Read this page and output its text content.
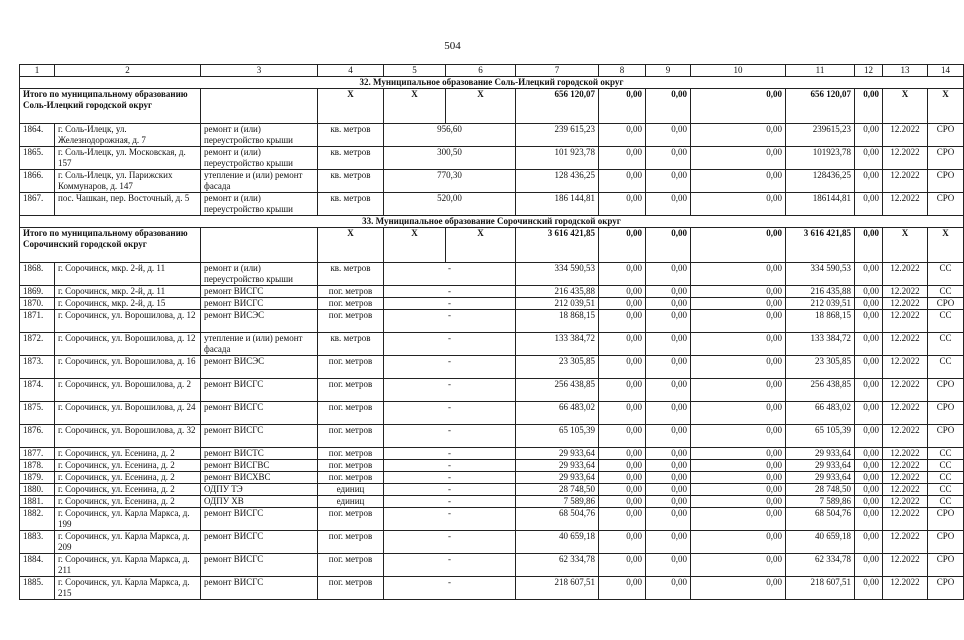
504
1	2	3	4	5	6	7	8	9	10	11	12	13	14
32. Муниципальное образование Соль-Илецкий городской округ													
Итого по муниципальному образованию Соль-Илецкий городской округ			X	X	X	656 120,07	0,00	0,00	0,00	656 120,07	0,00	X	X
1864.	г. Соль-Илецк, ул. Железнодорожная, д. 7	ремонт и (или) переустройство крыши	кв. метров	956,60		239 615,23	0,00	0,00	0,00	239615,23	0,00	12.2022	СРО
1865.	г. Соль-Илецк, ул. Московская, д. 157	ремонт и (или) переустройство крыши	кв. метров	300,50		101 923,78	0,00	0,00	0,00	101923,78	0,00	12.2022	СРО
1866.	г. Соль-Илецк, ул. Парижских Коммунаров, д. 147	утепление и (или) ремонт фасада	кв. метров	770,30		128 436,25	0,00	0,00	0,00	128436,25	0,00	12.2022	СРО
1867.	пос. Чашкан, пер. Восточный, д. 5	ремонт и (или) переустройство крыши	кв. метров	520,00		186 144,81	0,00	0,00	0,00	186144,81	0,00	12.2022	СРО
33. Муниципальное образование Сорочинский городской округ													
Итого по муниципальному образованию Сорочинский городской округ			X	X	X	3 616 421,85	0,00	0,00	0,00	3 616 421,85	0,00	X	X
1868.	г. Сорочинск, мкр. 2-й, д. 11	ремонт и (или) переустройство крыши	кв. метров	-		334 590,53	0,00	0,00	0,00	334 590,53	0,00	12.2022	СС
1869.	г. Сорочинск, мкр. 2-й, д. 11	ремонт ВИСГС	пог. метров	-		216 435,88	0,00	0,00	0,00	216 435,88	0,00	12.2022	СС
1870.	г. Сорочинск, мкр. 2-й, д. 15	ремонт ВИСГС	пог. метров	-		212 039,51	0,00	0,00	0,00	212 039,51	0,00	12.2022	СРО
1871.	г. Сорочинск, ул. Ворошилова, д. 12	ремонт ВИСЭС	пог. метров	-		18 868,15	0,00	0,00	0,00	18 868,15	0,00	12.2022	СС
1872.	г. Сорочинск, ул. Ворошилова, д. 12	утепление и (или) ремонт фасада	кв. метров	-		133 384,72	0,00	0,00	0,00	133 384,72	0,00	12.2022	СС
1873.	г. Сорочинск, ул. Ворошилова, д. 16	ремонт ВИСЭС	пог. метров	-		23 305,85	0,00	0,00	0,00	23 305,85	0,00	12.2022	СС
1874.	г. Сорочинск, ул. Ворошилова, д. 2	ремонт ВИСГС	пог. метров	-		256 438,85	0,00	0,00	0,00	256 438,85	0,00	12.2022	СРО
1875.	г. Сорочинск, ул. Ворошилова, д. 24	ремонт ВИСГС	пог. метров	-		66 483,02	0,00	0,00	0,00	66 483,02	0,00	12.2022	СРО
1876.	г. Сорочинск, ул. Ворошилова, д. 32	ремонт ВИСГС	пог. метров	-		65 105,39	0,00	0,00	0,00	65 105,39	0,00	12.2022	СРО
1877.	г. Сорочинск, ул. Есенина, д. 2	ремонт ВИСТС	пог. метров	-		29 933,64	0,00	0,00	0,00	29 933,64	0,00	12.2022	СС
1878.	г. Сорочинск, ул. Есенина, д. 2	ремонт ВИСГВС	пог. метров	-		29 933,64	0,00	0,00	0,00	29 933,64	0,00	12.2022	СС
1879.	г. Сорочинск, ул. Есенина, д. 2	ремонт ВИСХВС	пог. метров	-		29 933,64	0,00	0,00	0,00	29 933,64	0,00	12.2022	СС
1880.	г. Сорочинск, ул. Есенина, д. 2	ОДПУ ТЭ	единиц	-		28 748,50	0,00	0,00	0,00	28 748,50	0,00	12.2022	СС
1881.	г. Сорочинск, ул. Есенина, д. 2	ОДПУ ХВ	единиц	-		7 589,86	0,00	0,00	0,00	7 589,86	0,00	12.2022	СС
1882.	г. Сорочинск, ул. Карла Маркса, д. 199	ремонт ВИСГС	пог. метров	-		68 504,76	0,00	0,00	0,00	68 504,76	0,00	12.2022	СРО
1883.	г. Сорочинск, ул. Карла Маркса, д. 209	ремонт ВИСГС	пог. метров	-		40 659,18	0,00	0,00	0,00	40 659,18	0,00	12.2022	СРО
1884.	г. Сорочинск, ул. Карла Маркса, д. 211	ремонт ВИСГС	пог. метров	-		62 334,78	0,00	0,00	0,00	62 334,78	0,00	12.2022	СРО
1885.	г. Сорочинск, ул. Карла Маркса, д. 215	ремонт ВИСГС	пог. метров	-		218 607,51	0,00	0,00	0,00	218 607,51	0,00	12.2022	СРО
